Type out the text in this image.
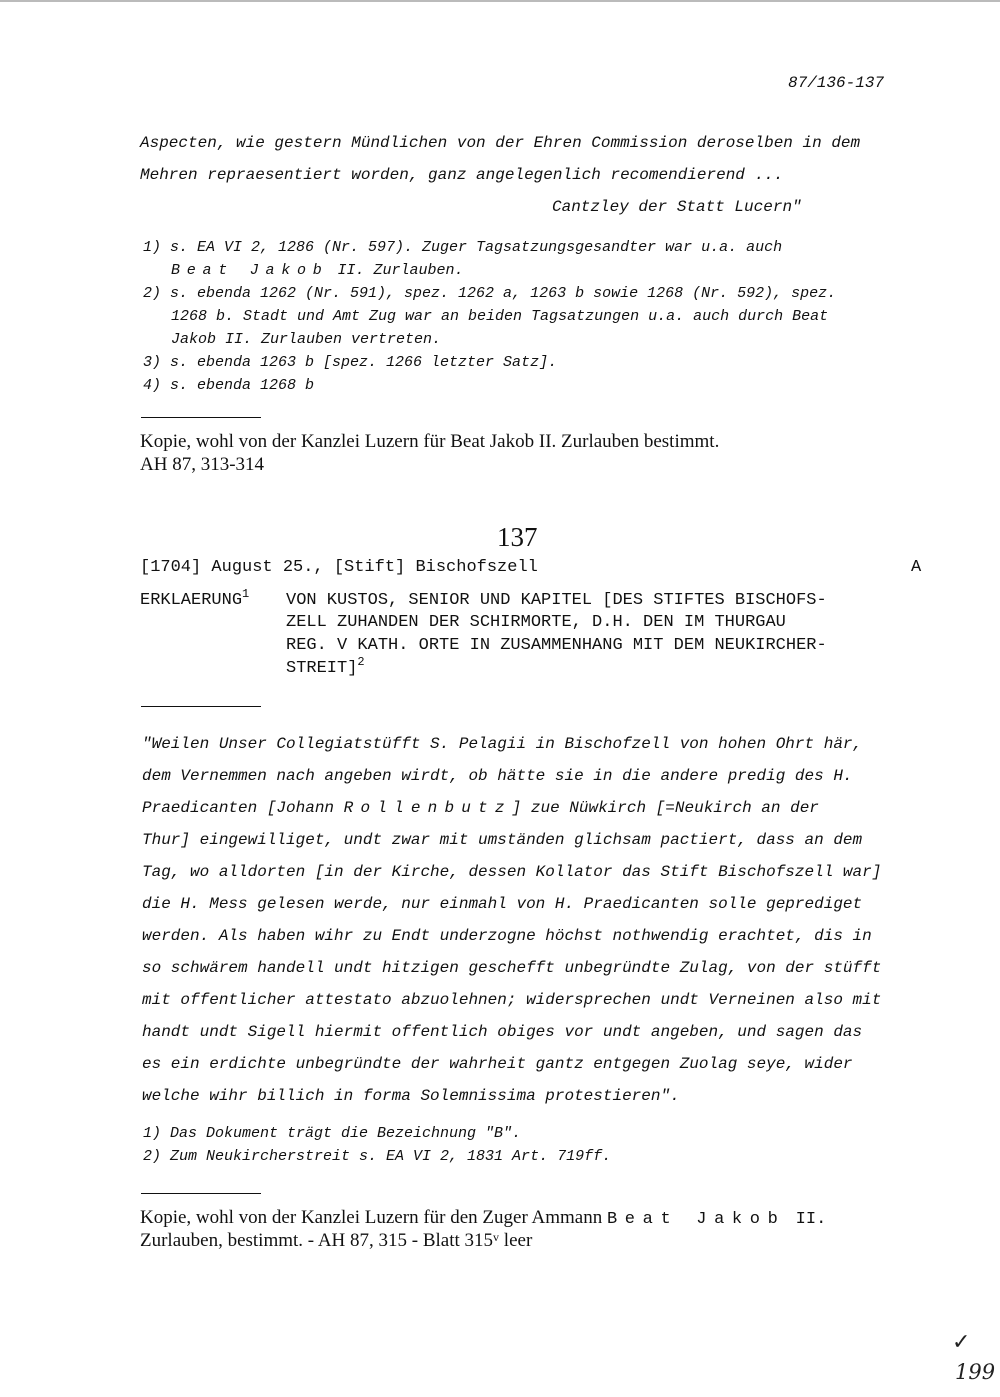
87/136-137
Aspecten, wie gestern Mündlichen von der Ehren Commission deroselben in dem
Mehren repraesentiert worden, ganz angelegenlich recomendierend ...
Cantzley der Statt Lucern"
1) s. EA VI 2, 1286 (Nr. 597). Zuger Tagsatzungsgesandter war u.a. auch
Beat Jakob II. Zurlauben.
2) s. ebenda 1262 (Nr. 591), spez. 1262 a, 1263 b sowie 1268 (Nr. 592), spez.
1268 b. Stadt und Amt Zug war an beiden Tagsatzungen u.a. auch durch Beat
Jakob II. Zurlauben vertreten.
3) s. ebenda 1263 b [spez. 1266 letzter Satz].
4) s. ebenda 1268 b
Kopie, wohl von der Kanzlei Luzern für Beat Jakob II. Zurlauben bestimmt.
AH 87, 313-314
137
[1704] August 25., [Stift] Bischofszell	A
ERKLAERUNG$^1$ VON KUSTOS, SENIOR UND KAPITEL [DES STIFTES BISCHOFS-
ZELL ZUHANDEN DER SCHIRMORTE, D.H. DEN IM THURGAU
REG. V KATH. ORTE IN ZUSAMMENHANG MIT DEM NEUKIRCHER-
STREIT]$^2$
"Weilen Unser Collegiatstüfft S. Pelagii in Bischofzell von hohen Ohrt här,
dem Vernemmen nach angeben wirdt, ob hätte sie in die andere predig des H.
Praedicanten [Johann Rollenbutz] zue Nüwkirch [=Neukirch an der
Thur] eingewilliget, undt zwar mit umständen glichsam pactiert, dass an dem
Tag, wo alldorten [in der Kirche, dessen Kollator das Stift Bischofszell war]
die H. Mess gelesen werde, nur einmahl von H. Praedicanten solle geprediget
werden. Als haben wihr zu Endt underzogne höchst nothwendig erachtet, dis in
so schwärem handell undt hitzigen geschefft unbegründte Zulag, von der stüfft
mit offentlicher attestato abzuolehnen; widersprechen undt Verneinen also mit
handt undt Sigell hiermit offentlich obiges vor undt angeben, und sagen das
es ein erdichte unbegründte der wahrheit gantz entgegen Zuolag seye, wider
welche wihr billich in forma Solemnissima protestieren".
1) Das Dokument trägt die Bezeichnung "B".
2) Zum Neukircherstreit s. EA VI 2, 1831 Art. 719ff.
Kopie, wohl von der Kanzlei Luzern für den Zuger Ammann Beat Jakob II.
Zurlauben, bestimmt. - AH 87, 315 - Blatt 315$^v$ leer
✓
199
